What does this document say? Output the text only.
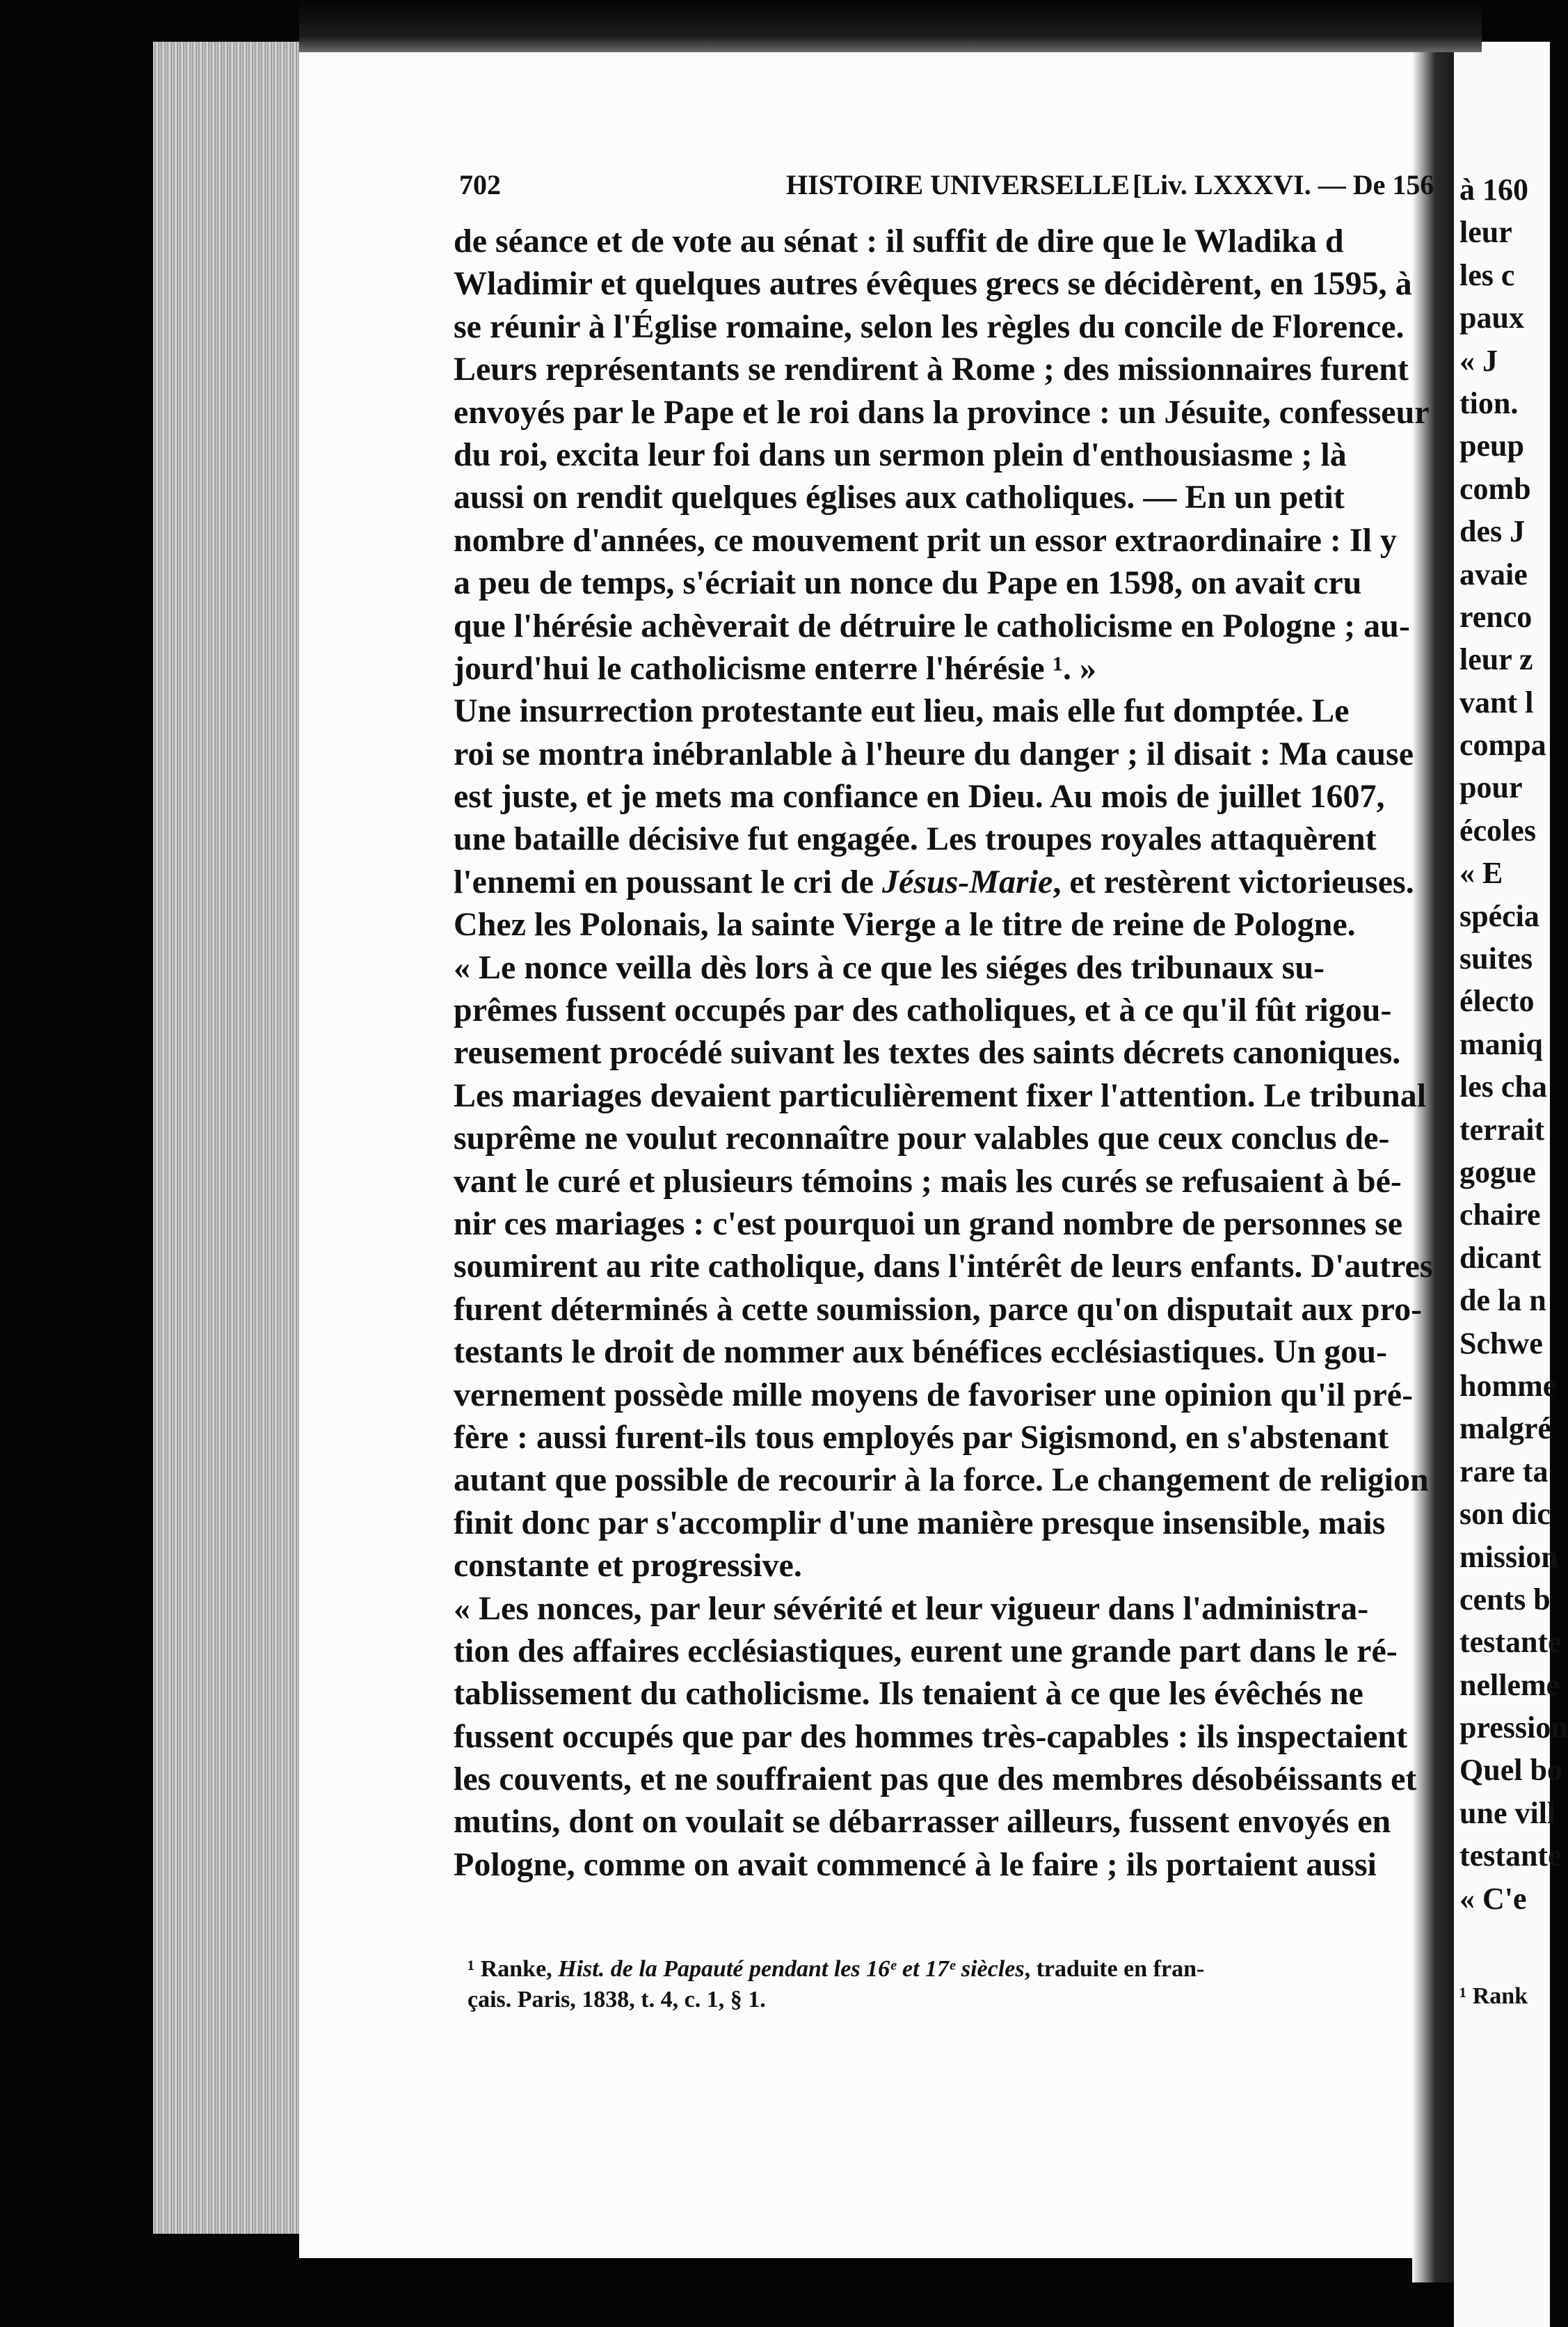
702	HISTOIRE UNIVERSELLE [Liv. LXXXVI. — De 156
de séance et de vote au sénat : il suffit de dire que le Wladika d
Wladimir et quelques autres évêques grecs se décidèrent, en 1595, à
se réunir à l'Église romaine, selon les règles du concile de Florence.
Leurs représentants se rendirent à Rome ; des missionnaires furent
envoyés par le Pape et le roi dans la province : un Jésuite, confesseur
du roi, excita leur foi dans un sermon plein d'enthousiasme ; là
aussi on rendit quelques églises aux catholiques. — En un petit
nombre d'années, ce mouvement prit un essor extraordinaire : Il y
a peu de temps, s'écriait un nonce du Pape en 1598, on avait cru
que l'hérésie achèverait de détruire le catholicisme en Pologne ; au-
jourd'hui le catholicisme enterre l'hérésie ¹. »
Une insurrection protestante eut lieu, mais elle fut domptée. Le
roi se montra inébranlable à l'heure du danger ; il disait : Ma cause
est juste, et je mets ma confiance en Dieu. Au mois de juillet 1607,
une bataille décisive fut engagée. Les troupes royales attaquèrent
l'ennemi en poussant le cri de Jésus-Marie, et restèrent victorieuses.
Chez les Polonais, la sainte Vierge a le titre de reine de Pologne.
« Le nonce veilla dès lors à ce que les siéges des tribunaux su-
prêmes fussent occupés par des catholiques, et à ce qu'il fût rigou-
reusement procédé suivant les textes des saints décrets canoniques.
Les mariages devaient particulièrement fixer l'attention. Le tribunal
suprême ne voulut reconnaître pour valables que ceux conclus de-
vant le curé et plusieurs témoins ; mais les curés se refusaient à bé-
nir ces mariages : c'est pourquoi un grand nombre de personnes se
soumirent au rite catholique, dans l'intérêt de leurs enfants. D'autres
furent déterminés à cette soumission, parce qu'on disputait aux pro-
testants le droit de nommer aux bénéfices ecclésiastiques. Un gou-
vernement possède mille moyens de favoriser une opinion qu'il pré-
fère : aussi furent-ils tous employés par Sigismond, en s'abstenant
autant que possible de recourir à la force. Le changement de religion
finit donc par s'accomplir d'une manière presque insensible, mais
constante et progressive.
« Les nonces, par leur sévérité et leur vigueur dans l'administra-
tion des affaires ecclésiastiques, eurent une grande part dans le ré-
tablissement du catholicisme. Ils tenaient à ce que les évêchés ne
fussent occupés que par des hommes très-capables : ils inspectaient
les couvents, et ne souffraient pas que des membres désobéissants et
mutins, dont on voulait se débarrasser ailleurs, fussent envoyés en
Pologne, comme on avait commencé à le faire ; ils portaient aussi
¹ Ranke, Hist. de la Papauté pendant les 16ᵉ et 17ᵉ siècles, traduite en fran-
çais. Paris, 1838, t. 4, c. 1, § 1.
à 160
leur
les c
paux
« J
tion.
peup
comb
des J
avaie
renco
leur z
vant l
compa
pour
écoles
« E
spécia
suites
électo
maniq
les cha
terrait
gogue
chaire
dicant
de la n
Schwe
homme
malgré
rare ta
son dic
mission
cents b
testante
nelleme
pression
Quel bo
une vill
testante
« C'e
¹ Rank
